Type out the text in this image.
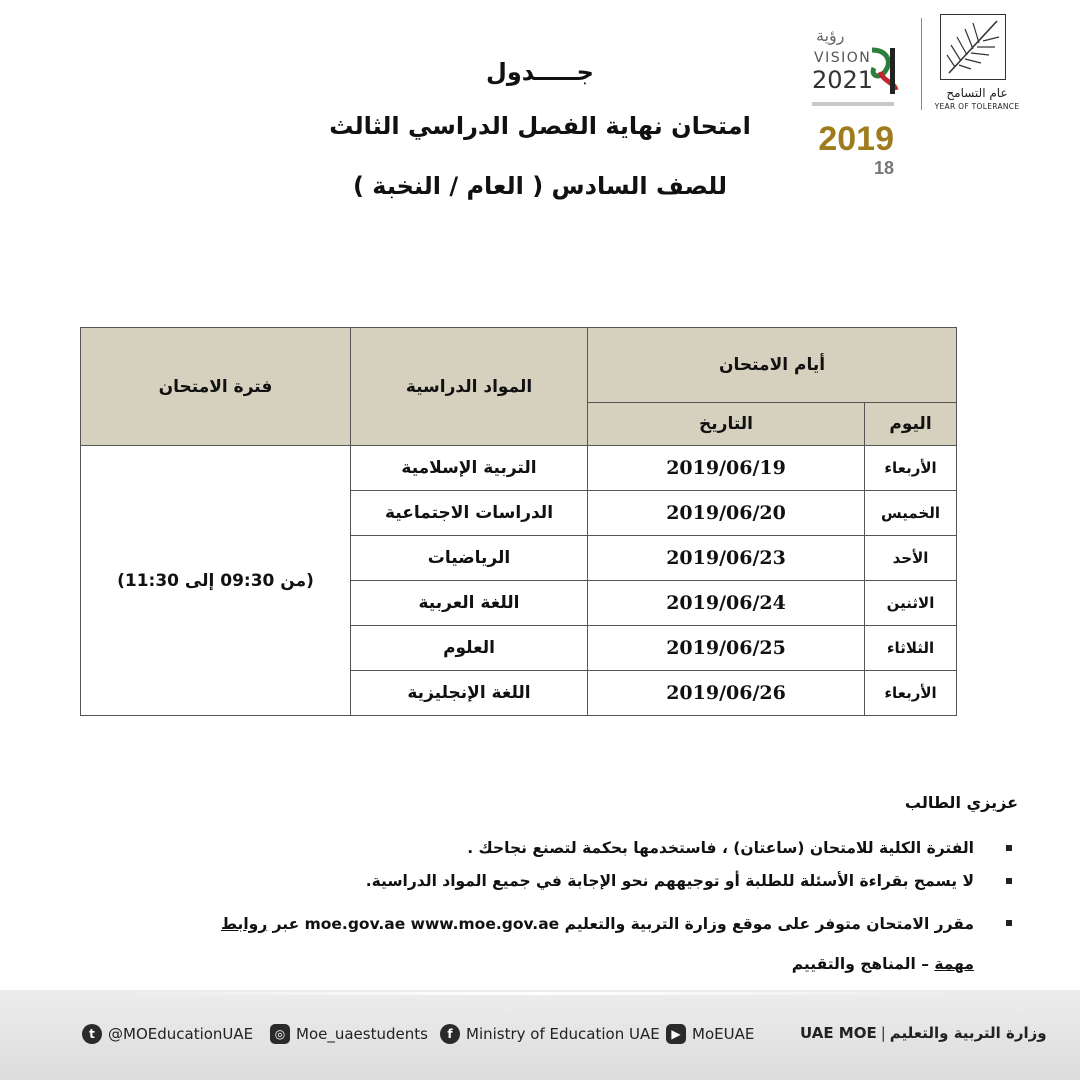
جـــــدول
امتحان نهاية الفصل الدراسي الثالث
للصف السادس ( العام / النخبة )
عام التسامح
YEAR OF TOLERANCE
رؤية
VISION
2021
2019
18
أيام الامتحان		المواد الدراسية	فترة الامتحان
اليوم	التاريخ		
الأربعاء	2019/06/19	التربية الإسلامية	(من 09:30 إلى 11:30)
الخميس	2019/06/20	الدراسات الاجتماعية	
الأحد	2019/06/23	الرياضيات	
الاثنين	2019/06/24	اللغة العربية	
الثلاثاء	2019/06/25	العلوم	
الأربعاء	2019/06/26	اللغة الإنجليزية	
عزيزي الطالب
الفترة الكلية للامتحان (ساعتان) ، فاستخدمها بحكمة لتصنع نجاحك .
لا يسمح بقراءة الأسئلة للطلبة أو توجيههم نحو الإجابة في جميع المواد الدراسية.
مقرر الامتحان متوفر على موقع وزارة التربية والتعليم moe.gov.ae www.moe.gov.ae عبر روابط
مهمة – المناهج والتقييم
t @MOEducationUAE	◎ Moe_uaestudents	f Ministry of Education UAE ▶ MoEUAE	UAE MOE | وزارة التربية والتعليم
